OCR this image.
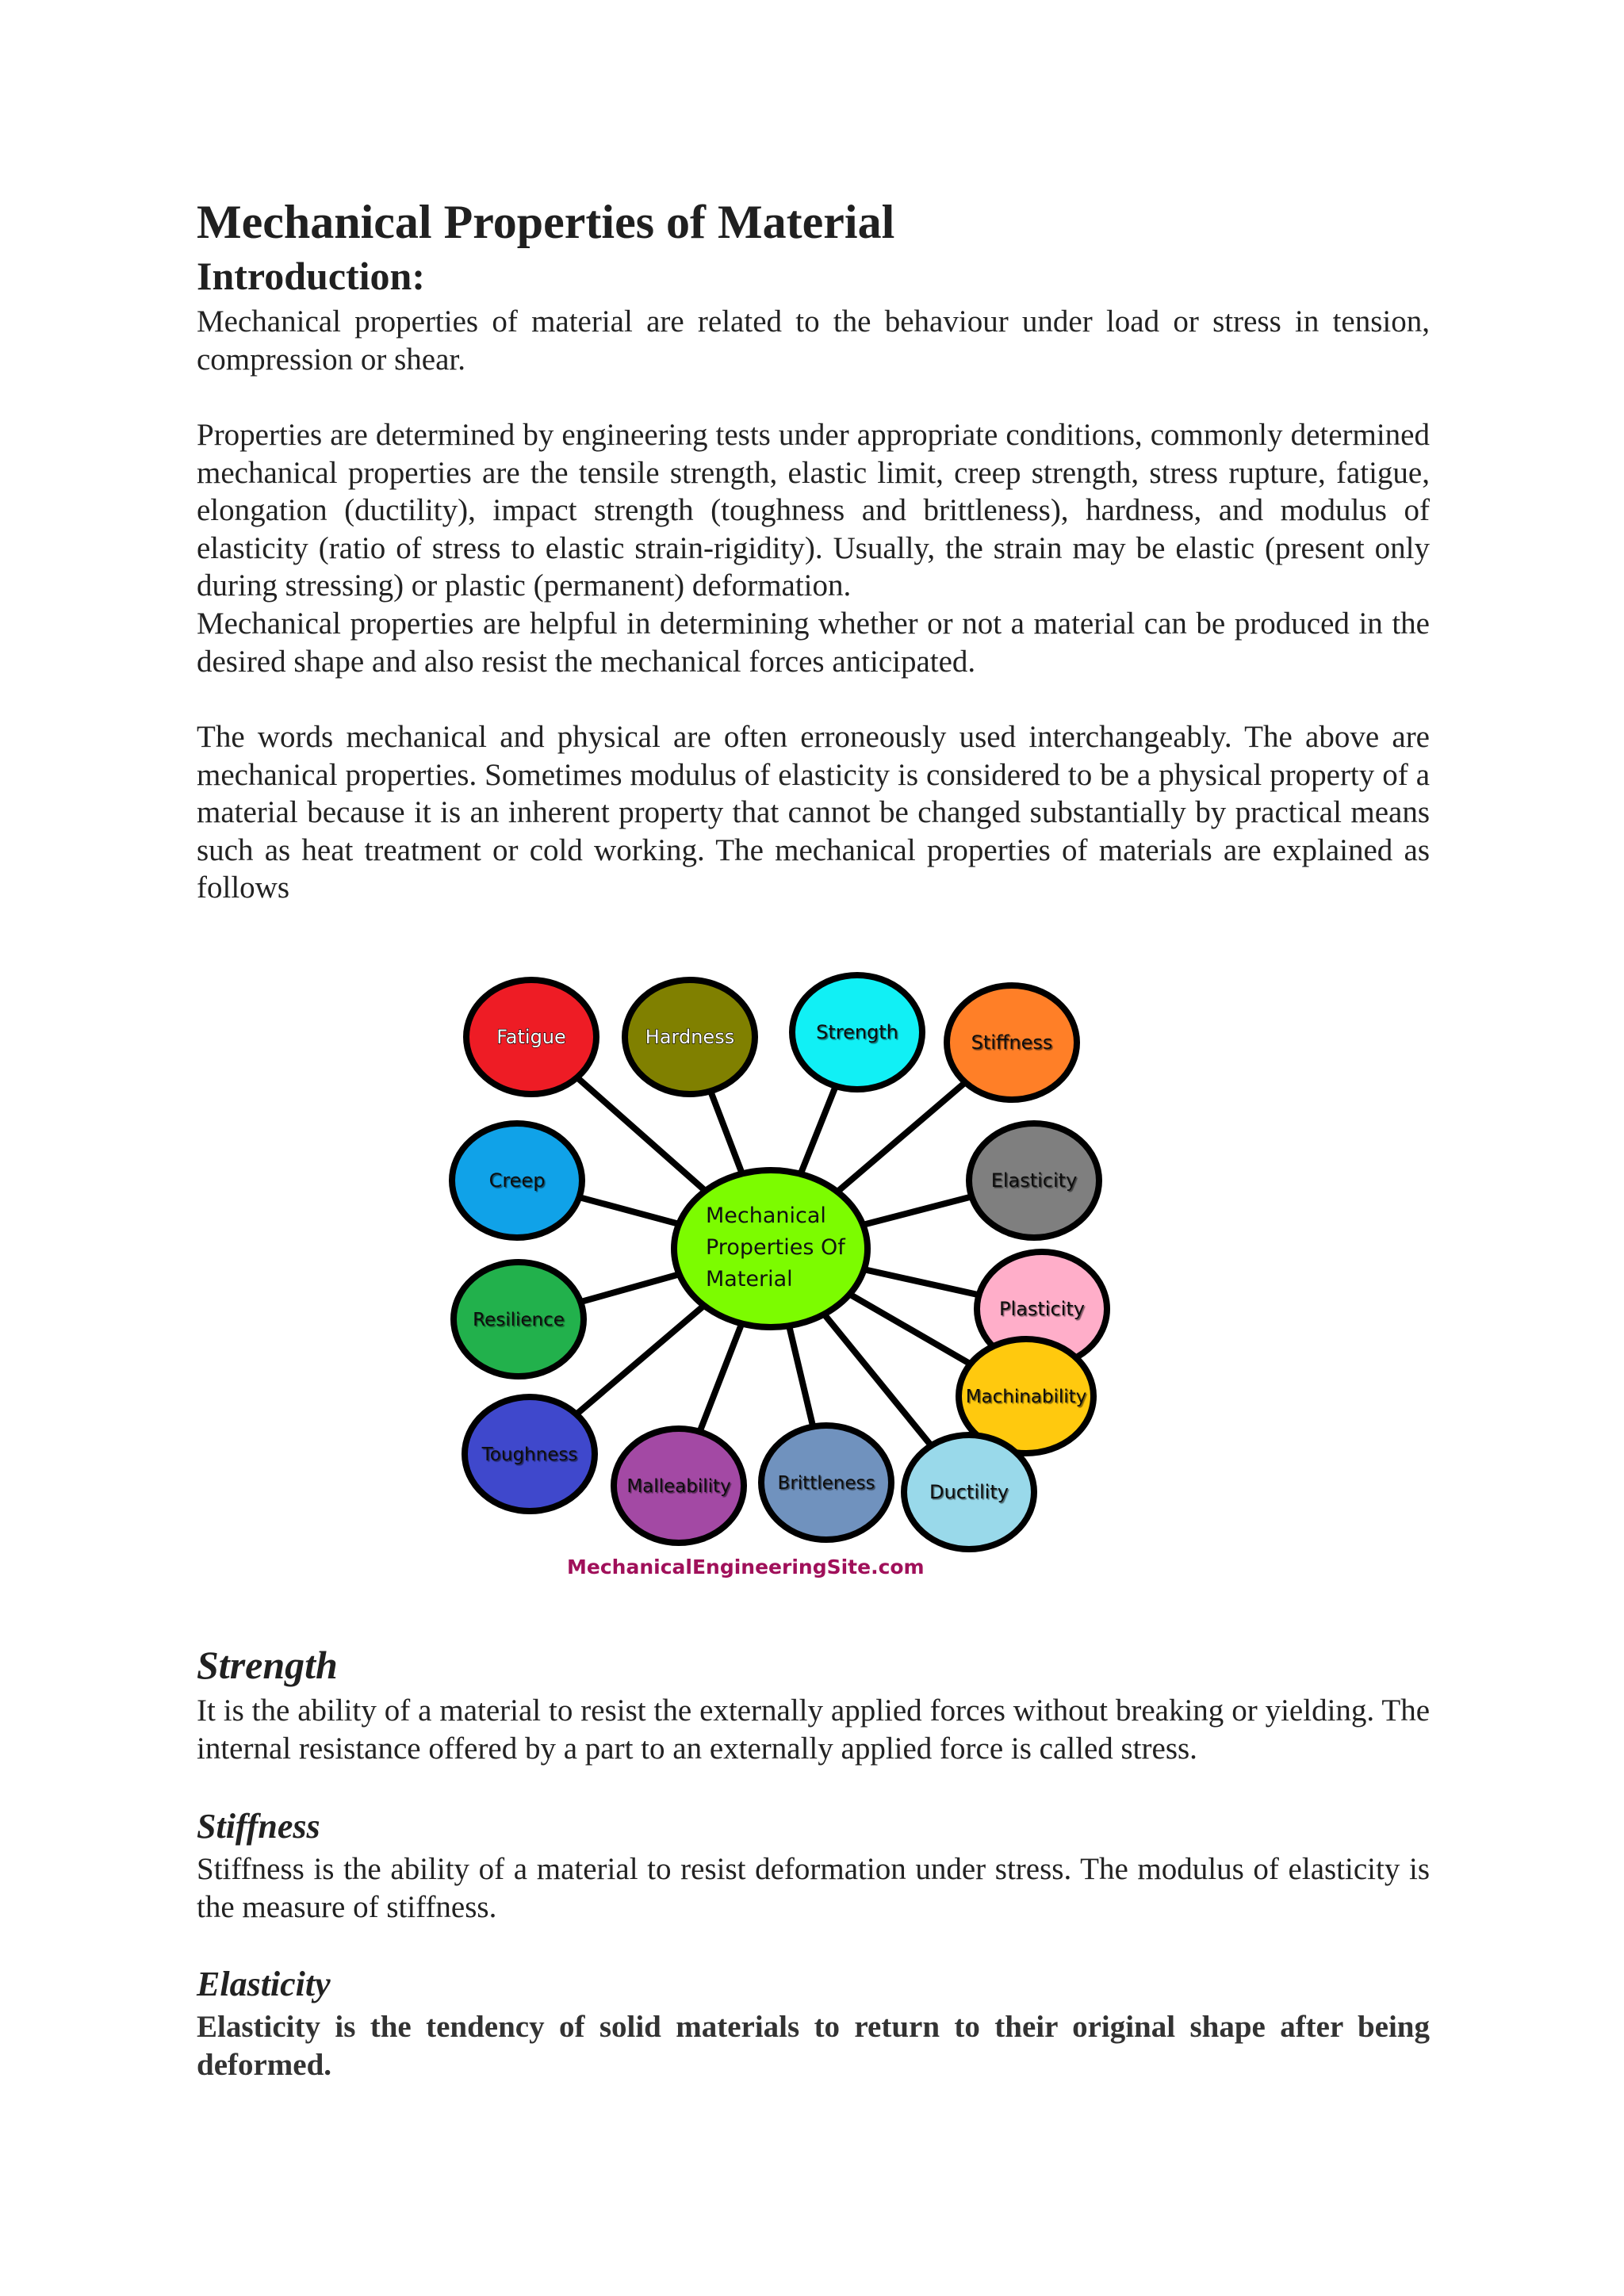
Mechanical Properties of Material
Introduction:

Mechanical properties of material are related to the behaviour under load or stress in tension, compression or shear.

Properties are determined by engineering tests under appropriate conditions, commonly determined mechanical properties are the tensile strength, elastic limit, creep strength, stress rupture, fatigue, elongation (ductility), impact strength (toughness and brittleness), hardness, and modulus of elasticity (ratio of stress to elastic strain-rigidity). Usually, the strain may be elastic (present only during stressing) or plastic (permanent) deformation.

Mechanical properties are helpful in determining whether or not a material can be produced in the desired shape and also resist the mechanical forces anticipated.

The words mechanical and physical are often erroneously used interchangeably. The above are mechanical properties. Sometimes modulus of elasticity is considered to be a physical property of a material because it is an inherent property that cannot be changed substantially by practical means such as heat treatment or cold working. The mechanical properties of materials are explained as follows

Fatigue	Hardness	Strength	Stiffness
Creep	Elasticity
Resilience	Plasticity
Machinability
Toughness
Malleability	Brittleness	Ductility
Mechanical
Properties Of
Material
MechanicalEngineeringSite.com
Strength

It is the ability of a material to resist the externally applied forces without breaking or yielding. The internal resistance offered by a part to an externally applied force is called stress.

Stiffness

Stiffness is the ability of a material to resist deformation under stress. The modulus of elasticity is the measure of stiffness.

Elasticity

Elasticity is the tendency of solid materials to return to their original shape after being deformed.
